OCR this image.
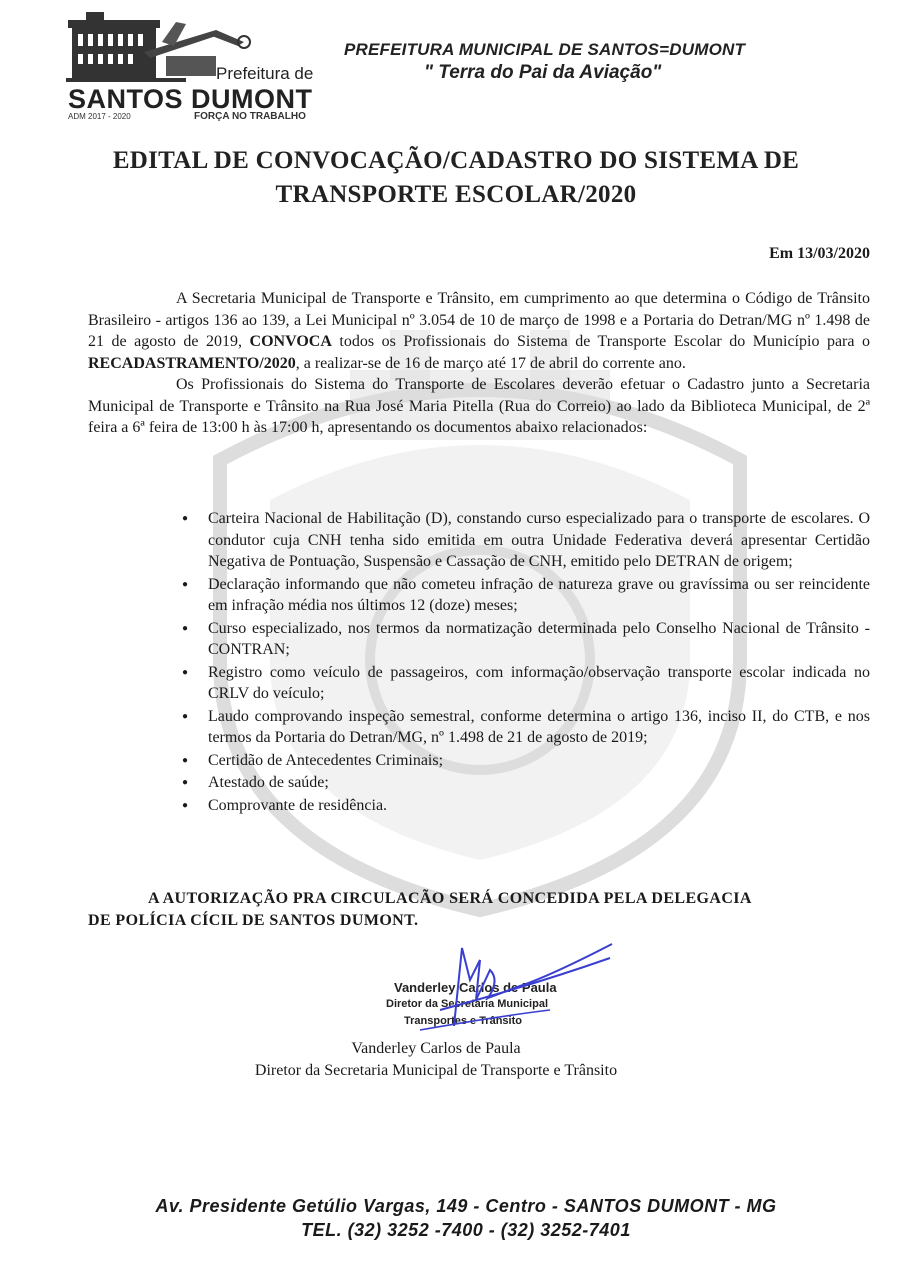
Prefeitura de
SANTOS DUMONT
ADM 2017 - 2020	FORÇA NO TRABALHO
PREFEITURA MUNICIPAL DE SANTOS=DUMONT
" Terra do Pai da Aviação"
EDITAL DE CONVOCAÇÃO/CADASTRO DO SISTEMA DE
TRANSPORTE ESCOLAR/2020
Em 13/03/2020

A Secretaria Municipal de Transporte e Trânsito, em cumprimento ao que determina o Código de Trânsito Brasileiro - artigos 136 ao 139, a Lei Municipal nº 3.054 de 10 de março de 1998 e a Portaria do Detran/MG nº 1.498 de 21 de agosto de 2019, CONVOCA todos os Profissionais do Sistema de Transporte Escolar do Município para o RECADASTRAMENTO/2020, a realizar-se de 16 de março até 17 de abril do corrente ano.

Os Profissionais do Sistema do Transporte de Escolares deverão efetuar o Cadastro junto a Secretaria Municipal de Transporte e Trânsito na Rua José Maria Pitella (Rua do Correio) ao lado da Biblioteca Municipal, de 2ª feira a 6ª feira de 13:00 h às 17:00 h, apresentando os documentos abaixo relacionados:

● Carteira Nacional de Habilitação (D), constando curso especializado para o transporte de escolares. O condutor cuja CNH tenha sido emitida em outra Unidade Federativa deverá apresentar Certidão Negativa de Pontuação, Suspensão e Cassação de CNH, emitido pelo DETRAN de origem;
● Declaração informando que não cometeu infração de natureza grave ou gravíssima ou ser reincidente em infração média nos últimos 12 (doze) meses;
● Curso especializado, nos termos da normatização determinada pelo Conselho Nacional de Trânsito - CONTRAN;
● Registro como veículo de passageiros, com informação/observação transporte escolar indicada no CRLV do veículo;
● Laudo comprovando inspeção semestral, conforme determina o artigo 136, inciso II, do CTB, e nos termos da Portaria do Detran/MG, nº 1.498 de 21 de agosto de 2019;
● Certidão de Antecedentes Criminais;
● Atestado de saúde;
● Comprovante de residência.
A AUTORIZAÇÃO PRA CIRCULACÃO SERÁ CONCEDIDA PELA DELEGACIA
DE POLÍCIA CÍCIL DE SANTOS DUMONT.
Vanderley Carlos de Paula
Diretor da Secretaria Municipal
Transportes e Trânsito
Vanderley Carlos de Paula
Diretor da Secretaria Municipal de Transporte e Trânsito
Av. Presidente Getúlio Vargas, 149 - Centro - SANTOS DUMONT - MG
TEL. (32) 3252 -7400 - (32) 3252-7401
